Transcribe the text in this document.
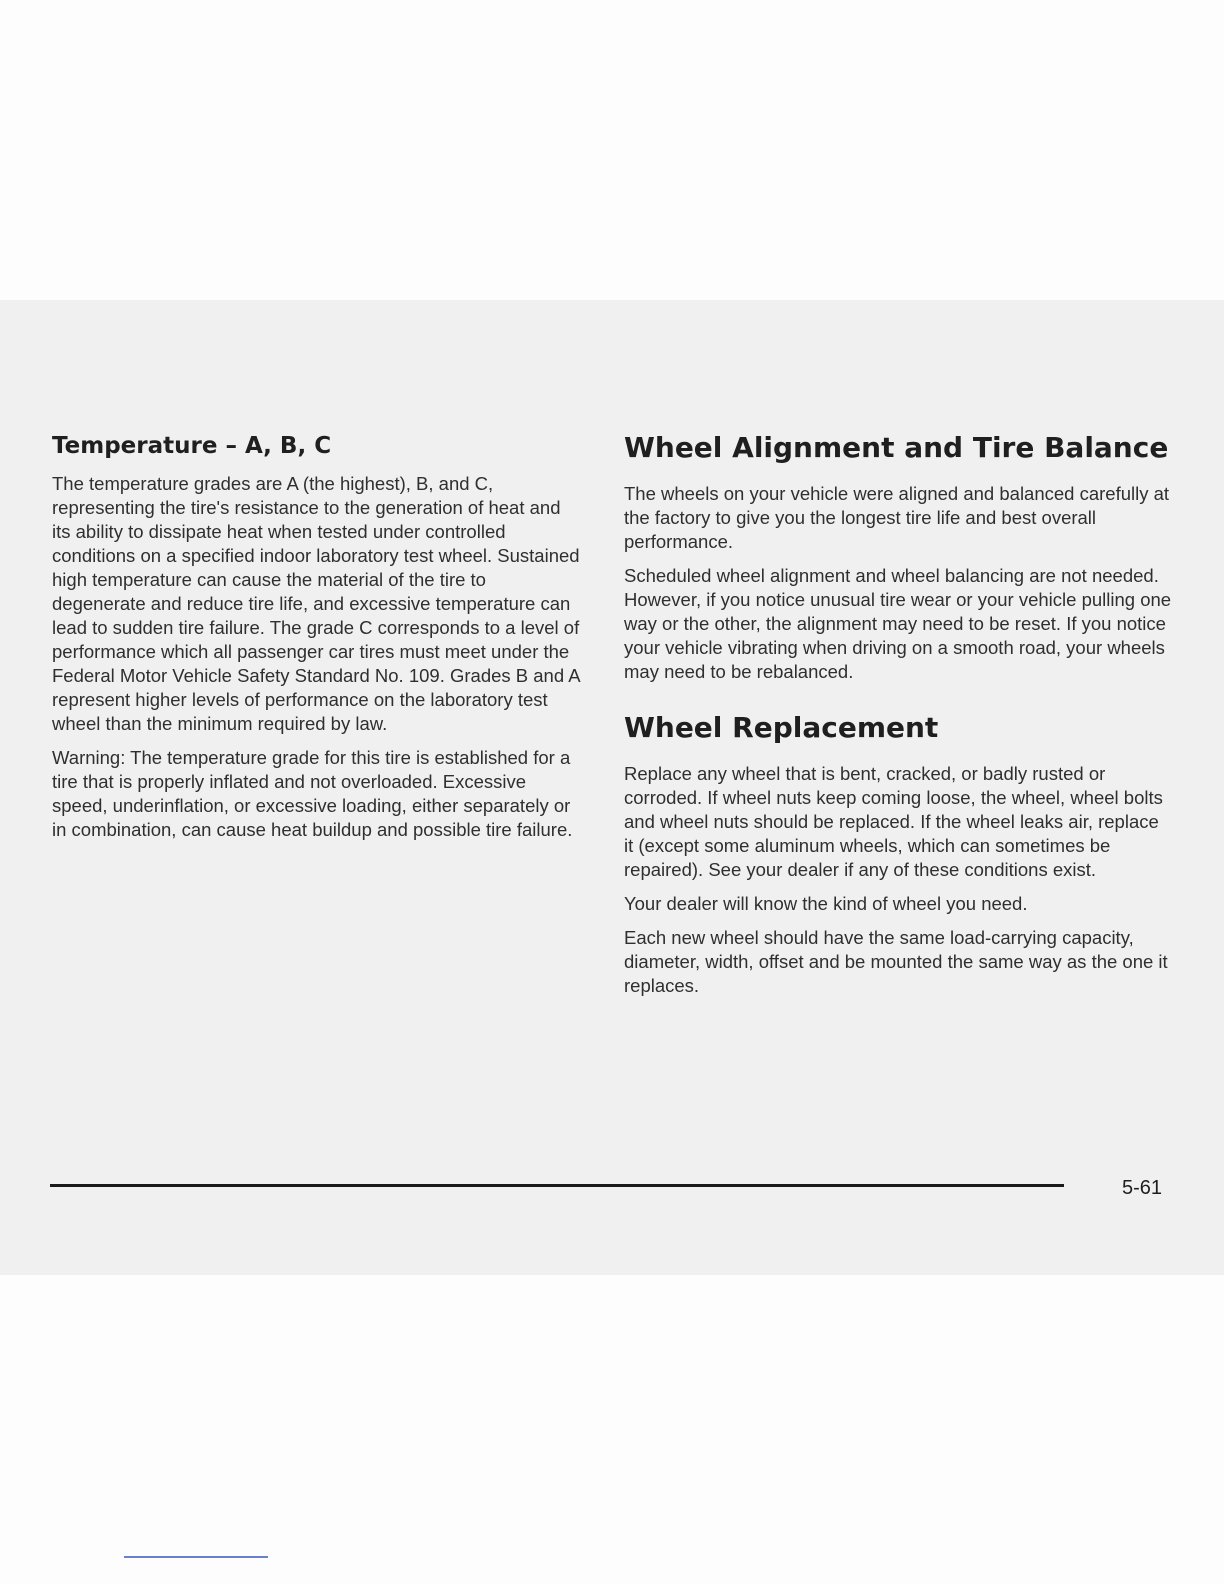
Temperature – A, B, C

The temperature grades are A (the highest), B, and C, representing the tire's resistance to the generation of heat and its ability to dissipate heat when tested under controlled conditions on a specified indoor laboratory test wheel. Sustained high temperature can cause the material of the tire to degenerate and reduce tire life, and excessive temperature can lead to sudden tire failure. The grade C corresponds to a level of performance which all passenger car tires must meet under the Federal Motor Vehicle Safety Standard No. 109. Grades B and A represent higher levels of performance on the laboratory test wheel than the minimum required by law.

Warning: The temperature grade for this tire is established for a tire that is properly inflated and not overloaded. Excessive speed, underinflation, or excessive loading, either separately or in combination, can cause heat buildup and possible tire failure.

Wheel Alignment and Tire Balance

The wheels on your vehicle were aligned and balanced carefully at the factory to give you the longest tire life and best overall performance.

Scheduled wheel alignment and wheel balancing are not needed. However, if you notice unusual tire wear or your vehicle pulling one way or the other, the alignment may need to be reset. If you notice your vehicle vibrating when driving on a smooth road, your wheels may need to be rebalanced.

Wheel Replacement

Replace any wheel that is bent, cracked, or badly rusted or corroded. If wheel nuts keep coming loose, the wheel, wheel bolts and wheel nuts should be replaced. If the wheel leaks air, replace it (except some aluminum wheels, which can sometimes be repaired). See your dealer if any of these conditions exist.

Your dealer will know the kind of wheel you need.

Each new wheel should have the same load-carrying capacity, diameter, width, offset and be mounted the same way as the one it replaces.

5-61
